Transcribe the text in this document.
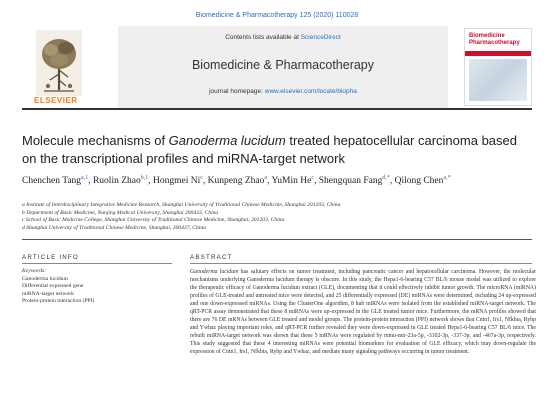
Biomedicine & Pharmacotherapy 125 (2020) 110028
ELSEVIER
Contents lists available at ScienceDirect
Biomedicine & Pharmacotherapy
journal homepage: www.elsevier.com/locate/biopha
Biomedicine Pharmacotherapy
Molecule mechanisms of Ganoderma lucidum treated hepatocellular carcinoma based on the transcriptional profiles and miRNA-target network
Chenchen Tang$^{a,1}$, Ruolin Zhao$^{b,1}$, Hongmei Ni$^c$, Kunpeng Zhao$^a$, YuMin He$^c$, Shengquan Fang$^{d,*}$, Qilong Chen$^{a,*}$

a Institute of Interdisciplinary Integrative Medicine Research, Shanghai University of Traditional Chinese Medicine, Shanghai 201203, China

b Department of Basic Medicine, Nanjing Medical University, Shanghai 200433, China

c School of Basic Medicine College, Shanghai University of Traditional Chinese Medicine, Shanghai, 201203, China

d Shanghai University of Traditional Chinese Medicine, Shanghai, 200437, China

ARTICLE INFO	ABSTRACT
Keywords:
Ganoderma lucidum
Differential expressed gene
miRNA-target network
Protein-protein interaction (PPI)

Ganoderma lucidum has salutary effects on tumor treatment, including pancreatic cancer and hepatocellular carcinoma. However, the molecular mechanisms underlying Ganoderma lucidum therapy is obscure. In this study, the Hepa1-6-bearing C57 BL/6 mouse model was utilized to explore the therapeutic efficacy of Ganoderma lucidum extract (GLE), documenting that it could effectively inhibit tumor growth. The microRNA (miRNA) profiles of GLE-treated and untreated mice were detected, and 25 differentially expressed (DE) miRNAs were determined, including 24 up-expressed and one down-expressed miRNAs. Using the ClusterOne algorithm, 8 hub miRNAs were isolated from the established miRNA-target network. The qRT-PCR assay demonstrated that these 8 miRNAs were up-expressed in the GLE treated tumor mice. Furthermore, the mRNA profiles showed that there are 76 DE mRNAs between GLE treated and model groups. The protein-protein interaction (PPI) network shows that Cntn1, Irs1, Nfkbia, Rybp and Ywhaz playing important roles, and qRT-PCR further revealed they were down-expressed in GLE treated Hepa1-6-bearing C57 BL/6 mice. The rebuilt miRNA-target network was shown that these 5 mRNAs were regulated by mmu-mir-23a-5p, -3102-3p, -337-3p, and -467a-3p, respectively. This study suggested that these 4 interesting miRNAs were potential biomarkers for evaluation of GLE efficacy, which may down-regulate the expression of Cntn1, Irs1, Nfkbia, Rybp and Ywhaz, and mediate many signaling pathways occurring in tumor treatment.
